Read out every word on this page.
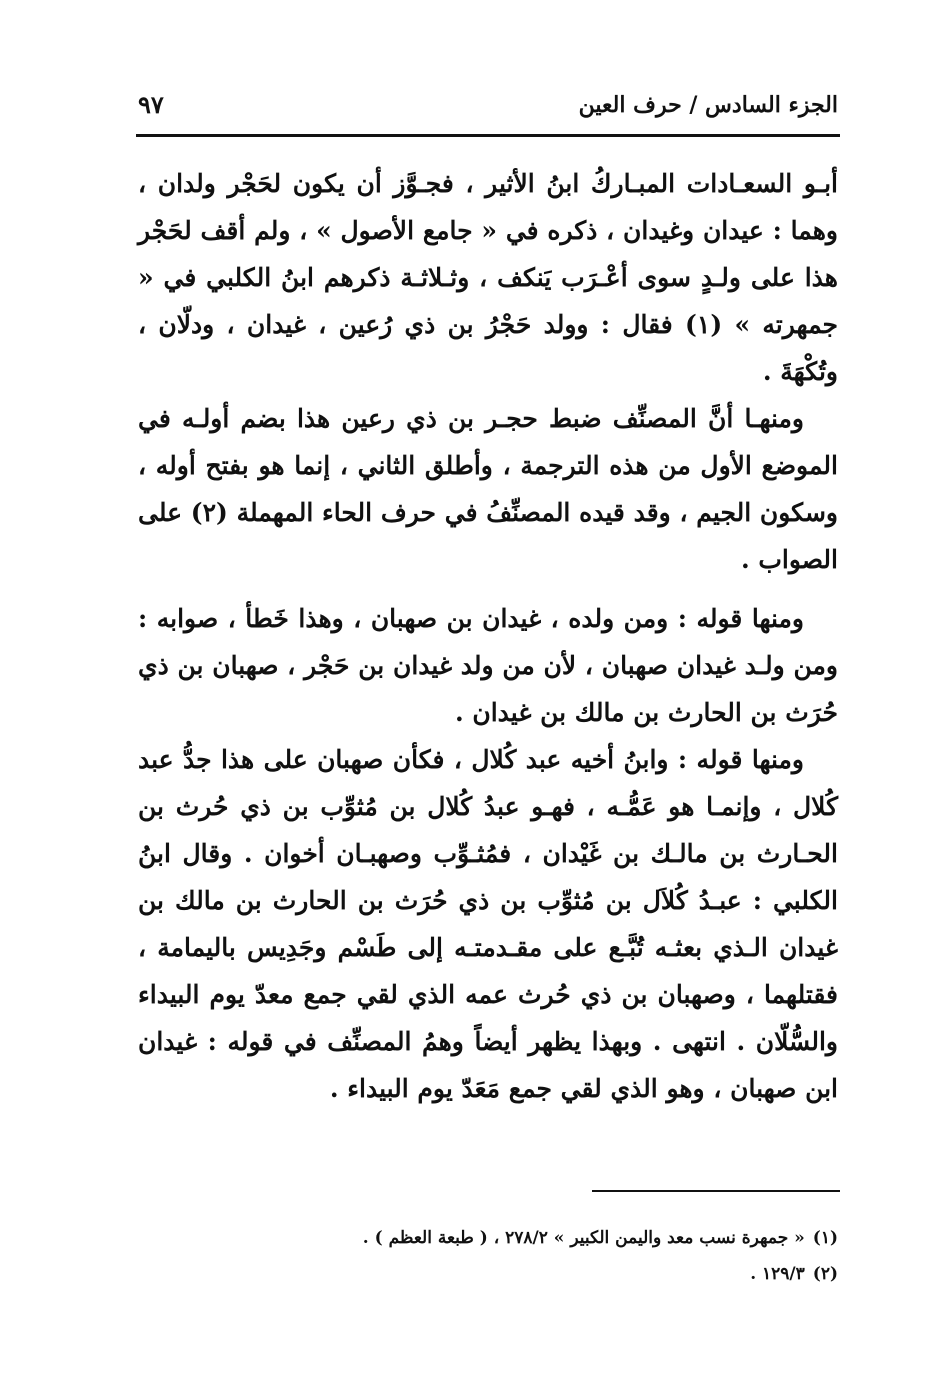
الجزء السادس / حرف العين
٩٧

أبـو السعـادات المبـاركُ ابنُ الأثير ، فجـوَّز أن يكون لحَجْر ولدان ، وهما : عيدان وغيدان ، ذكره في « جامع الأصول » ، ولم أقف لحَجْر هذا على ولـدٍ سوى أعْـرَب يَنكف ، وثـلاثـة ذكرهم ابنُ الكلبي في « جمهرته » (١) فقال : وولد حَجْرُ بن ذي رُعين ، غيدان ، ودلّان ، وتُكْهَةَ .

ومنهـا أنَّ المصنِّف ضبط حجـر بن ذي رعين هذا بضم أولـه في الموضع الأول من هذه الترجمة ، وأطلق الثاني ، إنما هو بفتح أوله ، وسكون الجيم ، وقد قيده المصنِّفُ في حرف الحاء المهملة (٢) على الصواب .

ومنها قوله : ومن ولده ، غيدان بن صهبان ، وهذا خَطأ ، صوابه : ومن ولـد غيدان صهبان ، لأن من ولد غيدان بن حَجْر ، صهبان بن ذي حُرَث بن الحارث بن مالك بن غيدان .

ومنها قوله : وابنُ أخيه عبد كُلال ، فكأن صهبان على هذا جدُّ عبد كُلال ، وإنمـا هو عَمُّـه ، فهـو عبدُ كُلال بن مُثوِّب بن ذي حُرث بن الحـارث بن مالـك بن غَيْدان ، فمُثـوِّب وصهبـان أخوان . وقال ابنُ الكلبي : عبـدُ كُلاَل بن مُثوِّب بن ذي حُرَث بن الحارث بن مالك بن غيدان الـذي بعثـه تُبَّـع على مقـدمتـه إلى طَسْم وجَدِيس باليمامة ، فقتلهما ، وصهبان بن ذي حُرث عمه الذي لقي جمع معدّ يوم البيداء والسُّلّان . انتهى . وبهذا يظهر أيضاً وهمُ المصنِّف في قوله : غيدان ابن صهبان ، وهو الذي لقي جمع مَعَدّ يوم البيداء .

(١)« جمهرة نسب معد واليمن الكبير » ٢٧٨/٢ ، ( طبعة العظم ) .
(٢)١٢٩/٣ .
